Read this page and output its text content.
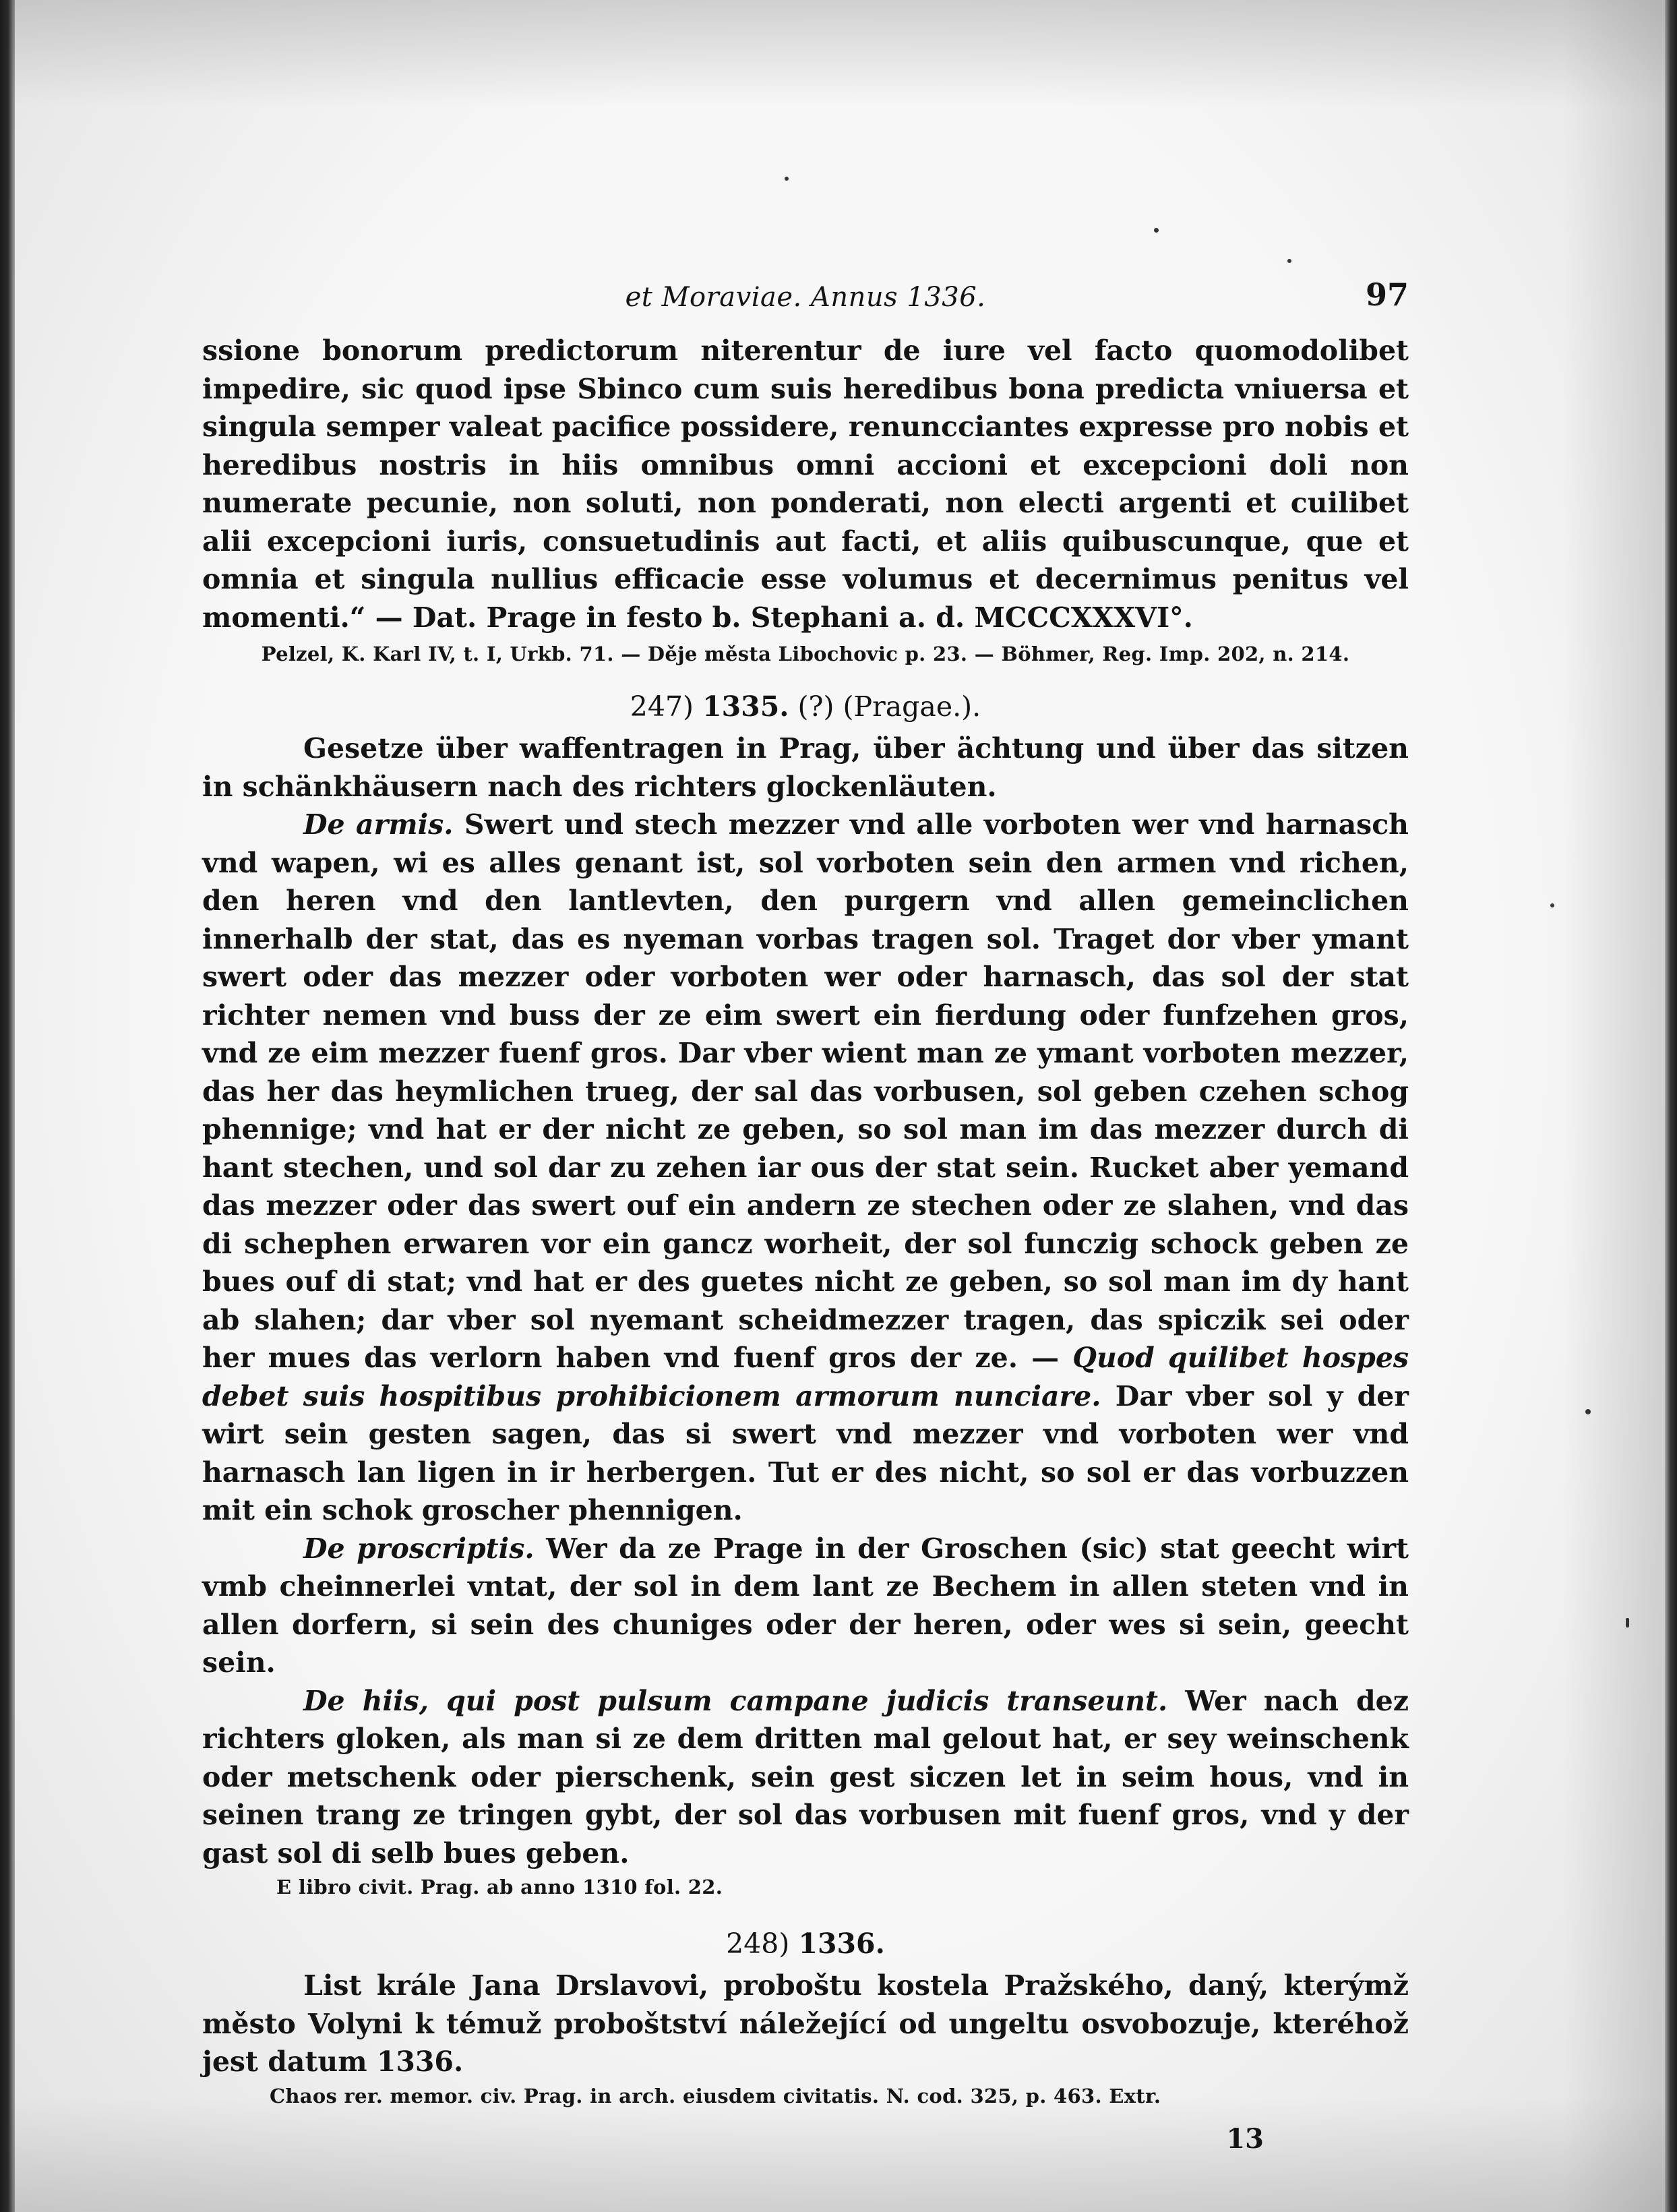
et Moraviae. Annus 1336.	97

ssione bonorum predictorum niterentur de iure vel facto quomodolibet impedire, sic quod ipse Sbinco cum suis heredibus bona predicta vniuersa et singula semper valeat pacifice possidere, renuncciantes expresse pro nobis et heredibus nostris in hiis omnibus omni accioni et excepcioni doli non numerate pecunie, non soluti, non ponderati, non electi argenti et cuilibet alii excepcioni iuris, consuetudinis aut facti, et aliis quibuscunque, que et omnia et singula nullius efficacie esse volumus et decernimus penitus vel momenti.“ — Dat. Prage in festo b. Stephani a. d. MCCCXXXVI°.

Pelzel, K. Karl IV, t. I, Urkb. 71. — Děje města Libochovic p. 23. — Böhmer, Reg. Imp. 202, n. 214.

247) 1335. (?) (Pragae.).

Gesetze über waffentragen in Prag, über ächtung und über das sitzen in schänkhäusern nach des richters glockenläuten.

De armis. Swert und stech mezzer vnd alle vorboten wer vnd harnasch vnd wapen, wi es alles genant ist, sol vorboten sein den armen vnd richen, den heren vnd den lantlevten, den purgern vnd allen gemeinclichen innerhalb der stat, das es nyeman vorbas tragen sol. Traget dor vber ymant swert oder das mezzer oder vorboten wer oder harnasch, das sol der stat richter nemen vnd buss der ze eim swert ein fierdung oder funfzehen gros, vnd ze eim mezzer fuenf gros. Dar vber wient man ze ymant vorboten mezzer, das her das heymlichen trueg, der sal das vorbusen, sol geben czehen schog phennige; vnd hat er der nicht ze geben, so sol man im das mezzer durch di hant stechen, und sol dar zu zehen iar ous der stat sein. Rucket aber yemand das mezzer oder das swert ouf ein andern ze stechen oder ze slahen, vnd das di schephen erwaren vor ein gancz worheit, der sol funczig schock geben ze bues ouf di stat; vnd hat er des guetes nicht ze geben, so sol man im dy hant ab slahen; dar vber sol nyemant scheidmezzer tragen, das spiczik sei oder her mues das verlorn haben vnd fuenf gros der ze. — Quod quilibet hospes debet suis hospitibus prohibicionem armorum nunciare. Dar vber sol y der wirt sein gesten sagen, das si swert vnd mezzer vnd vorboten wer vnd harnasch lan ligen in ir herbergen. Tut er des nicht, so sol er das vorbuzzen mit ein schok groscher phennigen.

De proscriptis. Wer da ze Prage in der Groschen (sic) stat geecht wirt vmb cheinnerlei vntat, der sol in dem lant ze Bechem in allen steten vnd in allen dorfern, si sein des chuniges oder der heren, oder wes si sein, geecht sein.

De hiis, qui post pulsum campane judicis transeunt. Wer nach dez richters gloken, als man si ze dem dritten mal gelout hat, er sey weinschenk oder metschenk oder pierschenk, sein gest siczen let in seim hous, vnd in seinen trang ze tringen gybt, der sol das vorbusen mit fuenf gros, vnd y der gast sol di selb bues geben.

E libro civit. Prag. ab anno 1310 fol. 22.

248) 1336.

List krále Jana Drslavovi, proboštu kostela Pražského, daný, kterýmž město Volyni k témuž proboštství náležející od ungeltu osvobozuje, kteréhož jest datum 1336.

Chaos rer. memor. civ. Prag. in arch. eiusdem civitatis. N. cod. 325, p. 463. Extr.

13
